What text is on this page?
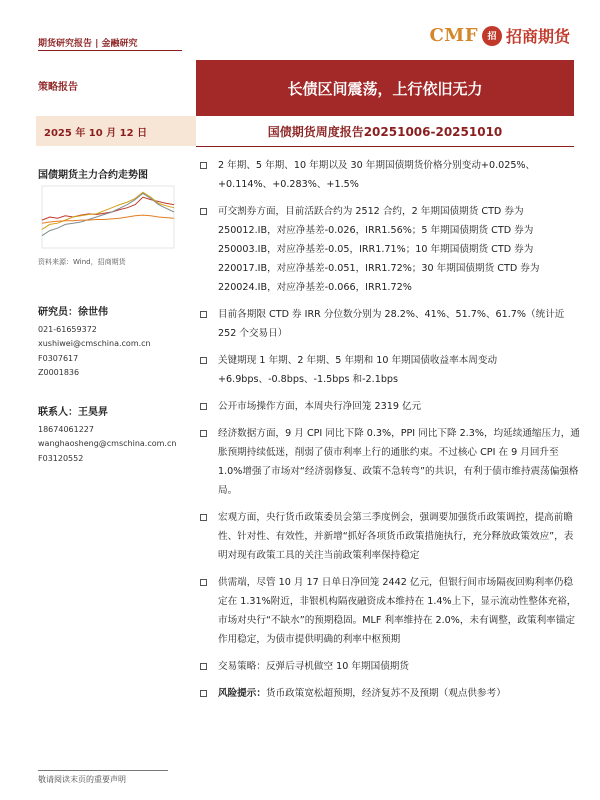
期货研究报告 | 金融研究	CMF	招 招商期货
策略报告	长债区间震荡，上行依旧无力
2025 年 10 月 12 日	国债期货周度报告20251006-20251010
国债期货主力合约走势图
资料来源：Wind，招商期货
研究员：徐世伟
021-61659372
xushiwei@cmschina.com.cn
F0307617
Z0001836
联系人：王昊昇
18674061227
wanghaosheng@cmschina.com.cn
F03120552
2 年期、5 年期、10 年期以及 30 年期国债期货价格分别变动+0.025%、+0.114%、+0.283%、+1.5%
可交割券方面，目前活跃合约为 2512 合约，2 年期国债期货 CTD 券为 250012.IB，对应净基差-0.026，IRR1.56%；5 年期国债期货 CTD 券为 250003.IB，对应净基差-0.05，IRR1.71%；10 年期国债期货 CTD 券为 220017.IB，对应净基差-0.051，IRR1.72%；30 年期国债期货 CTD 券为 220024.IB，对应净基差-0.066，IRR1.72%
目前各期限 CTD 券 IRR 分位数分别为 28.2%、41%、51.7%、61.7%（统计近 252 个交易日）
关键期现 1 年期、2 年期、5 年期和 10 年期国债收益率本周变动+6.9bps、-0.8bps、-1.5bps 和-2.1bps
公开市场操作方面，本周央行净回笼 2319 亿元
经济数据方面，9 月 CPI 同比下降 0.3%，PPI 同比下降 2.3%，均延续通缩压力，通胀预期持续低迷，削弱了债市利率上行的通胀约束。不过核心 CPI 在 9 月回升至 1.0%增强了市场对“经济弱修复、政策不急转弯”的共识，有利于债市维持震荡偏强格局。
宏观方面，央行货币政策委员会第三季度例会，强调要加强货币政策调控，提高前瞻性、针对性、有效性，并新增“抓好各项货币政策措施执行，充分释放政策效应”，表明对现有政策工具的关注当前政策利率保持稳定
供需端，尽管 10 月 17 日单日净回笼 2442 亿元，但银行间市场隔夜回购利率仍稳定在 1.31%附近，非银机构隔夜融资成本维持在 1.4%上下，显示流动性整体充裕，市场对央行“不缺水”的预期稳固。MLF 利率维持在 2.0%，未有调整，政策利率锚定作用稳定，为债市提供明确的利率中枢预期
交易策略：反弹后寻机做空 10 年期国债期货
风险提示：货币政策宽松超预期，经济复苏不及预期（观点供参考）
敬请阅读末页的重要声明
